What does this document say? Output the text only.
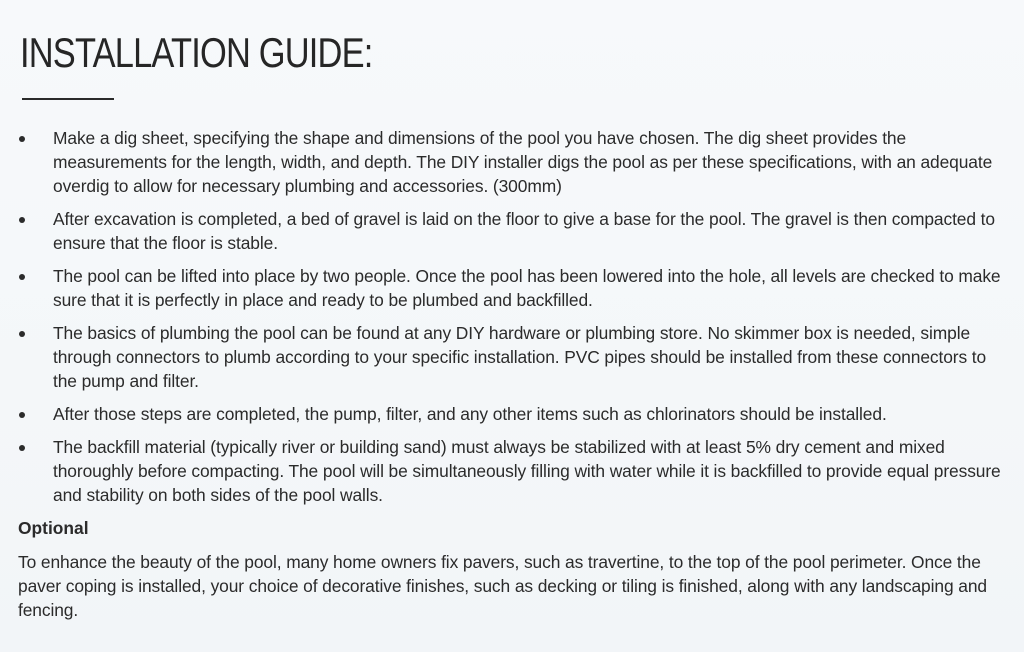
INSTALLATION GUIDE:
Make a dig sheet, specifying the shape and dimensions of the pool you have chosen. The dig sheet provides the measurements for the length, width, and depth. The DIY installer digs the pool as per these specifications, with an adequate overdig to allow for necessary plumbing and accessories. (300mm)
After excavation is completed, a bed of gravel is laid on the floor to give a base for the pool. The gravel is then compacted to ensure that the floor is stable.
The pool can be lifted into place by two people. Once the pool has been lowered into the hole, all levels are checked to make sure that it is perfectly in place and ready to be plumbed and backfilled.
The basics of plumbing the pool can be found at any DIY hardware or plumbing store. No skimmer box is needed, simple through connectors to plumb according to your specific installation. PVC pipes should be installed from these connectors to the pump and filter.
After those steps are completed, the pump, filter, and any other items such as chlorinators should be installed.
The backfill material (typically river or building sand) must always be stabilized with at least 5% dry cement and mixed thoroughly before compacting. The pool will be simultaneously filling with water while it is backfilled to provide equal pressure and stability on both sides of the pool walls.
Optional

To enhance the beauty of the pool, many home owners fix pavers, such as travertine, to the top of the pool perimeter. Once the paver coping is installed, your choice of decorative finishes, such as decking or tiling is finished, along with any landscaping and fencing.
